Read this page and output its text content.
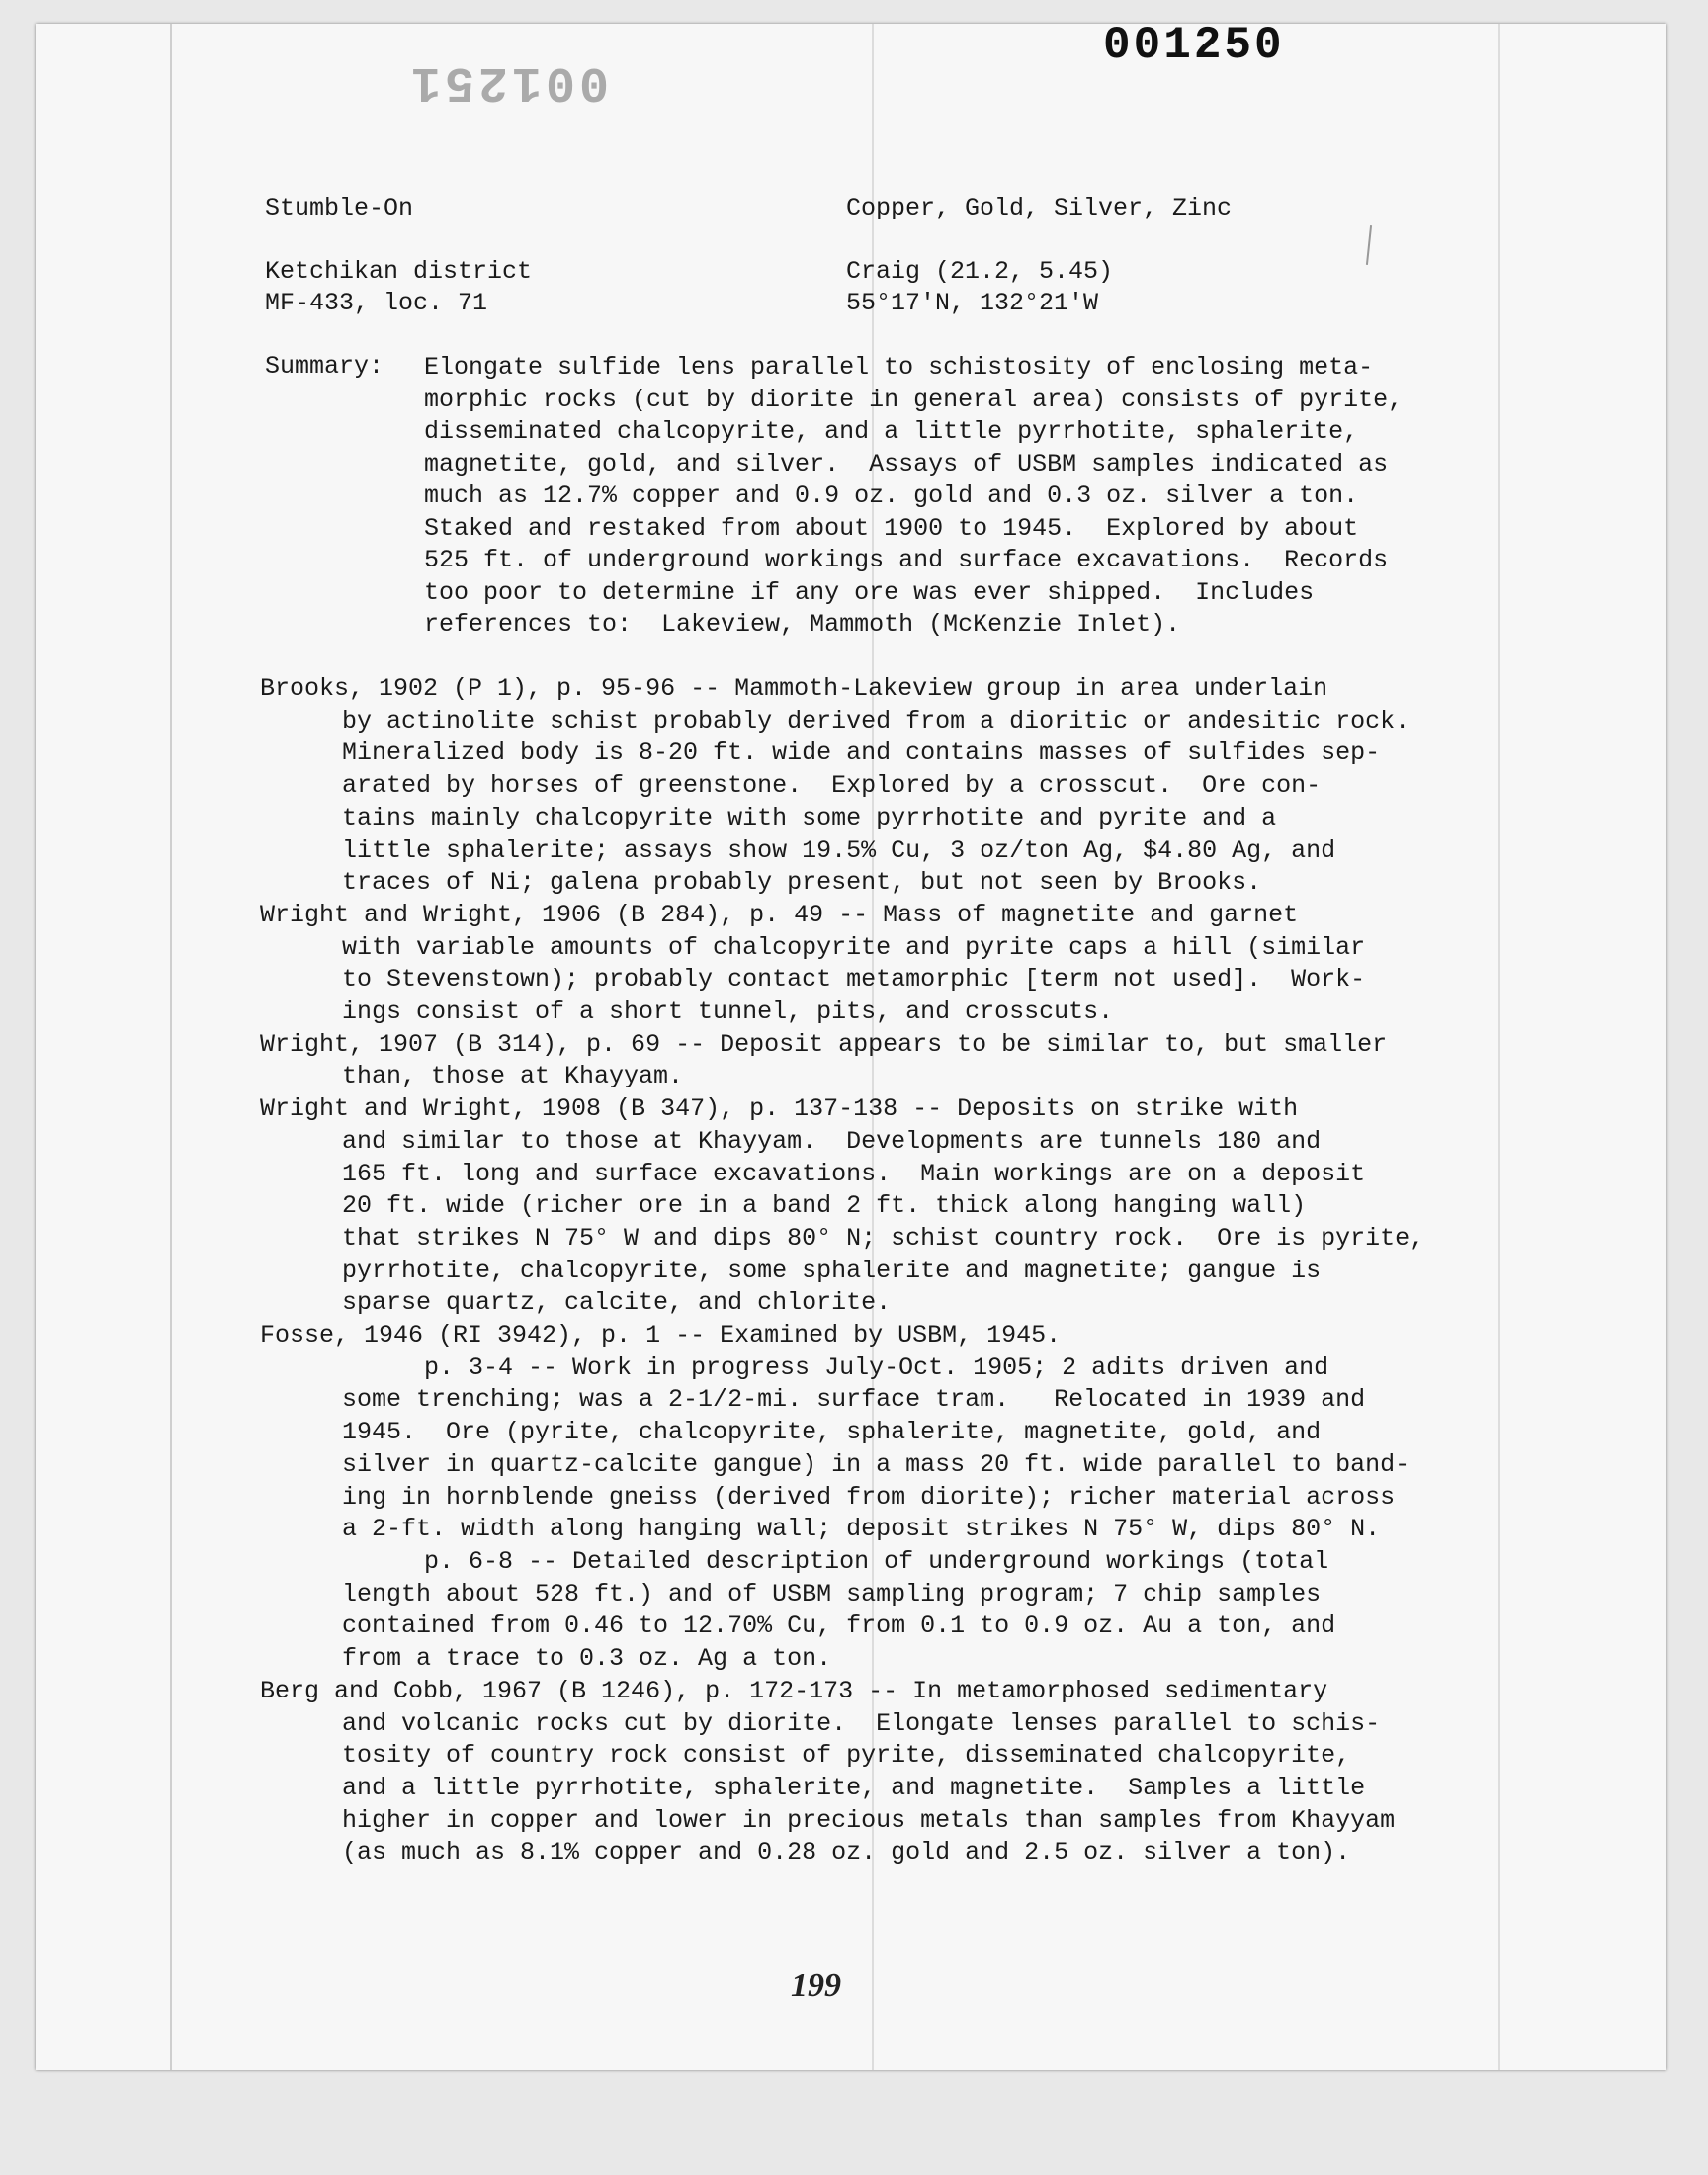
001250
001251
Stumble-On	Copper, Gold, Silver, Zinc
Ketchikan district	Craig (21.2, 5.45)
MF-433, loc. 71	55°17'N, 132°21'W
Summary: Elongate sulfide lens parallel to schistosity of enclosing meta-
morphic rocks (cut by diorite in general area) consists of pyrite,
disseminated chalcopyrite, and a little pyrrhotite, sphalerite,
magnetite, gold, and silver.  Assays of USBM samples indicated as
much as 12.7% copper and 0.9 oz. gold and 0.3 oz. silver a ton.
Staked and restaked from about 1900 to 1945.  Explored by about
525 ft. of underground workings and surface excavations.  Records
too poor to determine if any ore was ever shipped.  Includes
references to:  Lakeview, Mammoth (McKenzie Inlet).
Brooks, 1902 (P 1), p. 95-96 -- Mammoth-Lakeview group in area underlain
by actinolite schist probably derived from a dioritic or andesitic rock.
Mineralized body is 8-20 ft. wide and contains masses of sulfides sep-
arated by horses of greenstone.  Explored by a crosscut.  Ore con-
tains mainly chalcopyrite with some pyrrhotite and pyrite and a
little sphalerite; assays show 19.5% Cu, 3 oz/ton Ag, $4.80 Ag, and
traces of Ni; galena probably present, but not seen by Brooks.
Wright and Wright, 1906 (B 284), p. 49 -- Mass of magnetite and garnet
with variable amounts of chalcopyrite and pyrite caps a hill (similar
to Stevenstown); probably contact metamorphic [term not used].  Work-
ings consist of a short tunnel, pits, and crosscuts.
Wright, 1907 (B 314), p. 69 -- Deposit appears to be similar to, but smaller
than, those at Khayyam.
Wright and Wright, 1908 (B 347), p. 137-138 -- Deposits on strike with
and similar to those at Khayyam.  Developments are tunnels 180 and
165 ft. long and surface excavations.  Main workings are on a deposit
20 ft. wide (richer ore in a band 2 ft. thick along hanging wall)
that strikes N 75° W and dips 80° N; schist country rock.  Ore is pyrite,
pyrrhotite, chalcopyrite, some sphalerite and magnetite; gangue is
sparse quartz, calcite, and chlorite.
Fosse, 1946 (RI 3942), p. 1 -- Examined by USBM, 1945.
p. 3-4 -- Work in progress July-Oct. 1905; 2 adits driven and
some trenching; was a 2-1/2-mi. surface tram.   Relocated in 1939 and
1945.  Ore (pyrite, chalcopyrite, sphalerite, magnetite, gold, and
silver in quartz-calcite gangue) in a mass 20 ft. wide parallel to band-
ing in hornblende gneiss (derived from diorite); richer material across
a 2-ft. width along hanging wall; deposit strikes N 75° W, dips 80° N.
p. 6-8 -- Detailed description of underground workings (total
length about 528 ft.) and of USBM sampling program; 7 chip samples
contained from 0.46 to 12.70% Cu, from 0.1 to 0.9 oz. Au a ton, and
from a trace to 0.3 oz. Ag a ton.
Berg and Cobb, 1967 (B 1246), p. 172-173 -- In metamorphosed sedimentary
and volcanic rocks cut by diorite.  Elongate lenses parallel to schis-
tosity of country rock consist of pyrite, disseminated chalcopyrite,
and a little pyrrhotite, sphalerite, and magnetite.  Samples a little
higher in copper and lower in precious metals than samples from Khayyam
(as much as 8.1% copper and 0.28 oz. gold and 2.5 oz. silver a ton).
199
